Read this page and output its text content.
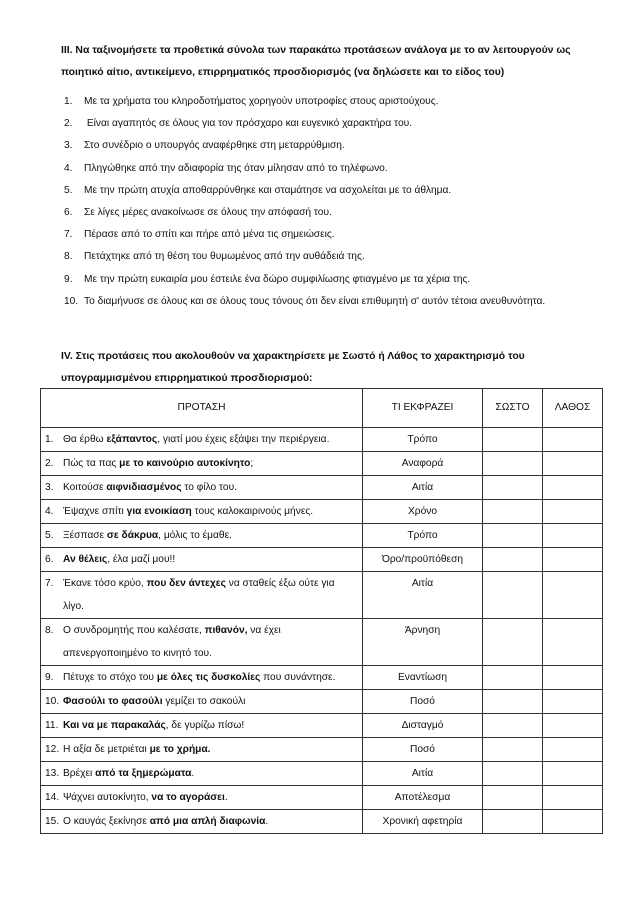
ΙΙΙ. Να ταξινομήσετε τα προθετικά σύνολα των παρακάτω προτάσεων ανάλογα με το αν λειτουργούν ως ποιητικό αίτιο, αντικείμενο, επιρρηματικός προσδιορισμός (να δηλώσετε και το είδος του)
1. Με τα χρήματα του κληροδοτήματος χορηγούν υποτροφίες στους αριστούχους.
2. Είναι αγαπητός σε όλους για τον πρόσχαρο και ευγενικό χαρακτήρα του.
3. Στο συνέδριο ο υπουργός αναφέρθηκε στη μεταρρύθμιση.
4. Πληγώθηκε από την αδιαφορία της όταν μίλησαν από το τηλέφωνο.
5. Με την πρώτη ατυχία αποθαρρύνθηκε και σταμάτησε να ασχολείται με το άθλημα.
6. Σε λίγες μέρες ανακοίνωσε σε όλους την απόφασή του.
7. Πέρασε από το σπίτι και πήρε από μένα τις σημειώσεις.
8. Πετάχτηκε από τη θέση του θυμωμένος από την αυθάδειά της.
9. Με την πρώτη ευκαιρία μου έστειλε ένα δώρο συμφιλίωσης φτιαγμένο με τα χέρια της.
10. Το διαμήνυσε σε όλους και σε όλους τους τόνους ότι δεν είναι επιθυμητή σ' αυτόν τέτοια ανευθυνότητα.
IV. Στις προτάσεις που ακολουθούν να χαρακτηρίσετε με Σωστό ή Λάθος το χαρακτηρισμό του υπογραμμισμένου επιρρηματικού προσδιορισμού:
ΠΡΟΤΑΣΗ	ΤΙ ΕΚΦΡΑΖΕΙ	ΣΩΣΤΟ	ΛΑΘΟΣ
1. Θα έρθω εξάπαντος, γιατί μου έχεις εξάψει την περιέργεια.	Τρόπο		
2. Πώς τα πας με το καινούριο αυτοκίνητο;	Αναφορά		
3. Κοιτούσε αιφνιδιασμένος το φίλο του.	Αιτία		
4. Έψαχνε σπίτι για ενοικίαση τους καλοκαιρινούς μήνες.	Χρόνο		
5. Ξέσπασε σε δάκρυα, μόλις το έμαθε.	Τρόπο		
6. Αν θέλεις, έλα μαζί μου!!	Όρο/προϋπόθεση		
7. Έκανε τόσο κρύο, που δεν άντεχες να σταθείς έξω ούτε για
λίγο.	Αιτία		
8. Ο συνδρομητής που καλέσατε, πιθανόν, να έχει
απενεργοποιημένο το κινητό του.	Άρνηση		
9. Πέτυχε το στόχο του με όλες τις δυσκολίες που συνάντησε.	Εναντίωση		
10. Φασούλι το φασούλι γεμίζει το σακούλι	Ποσό		
11. Και να με παρακαλάς, δε γυρίζω πίσω!	Δισταγμό		
12. Η αξία δε μετριέται με το χρήμα.	Ποσό		
13. Βρέχει από τα ξημερώματα.	Αιτία		
14. Ψάχνει αυτοκίνητο, να το αγοράσει.	Αποτέλεσμα		
15. Ο καυγάς ξεκίνησε από μια απλή διαφωνία.	Χρονική αφετηρία		
